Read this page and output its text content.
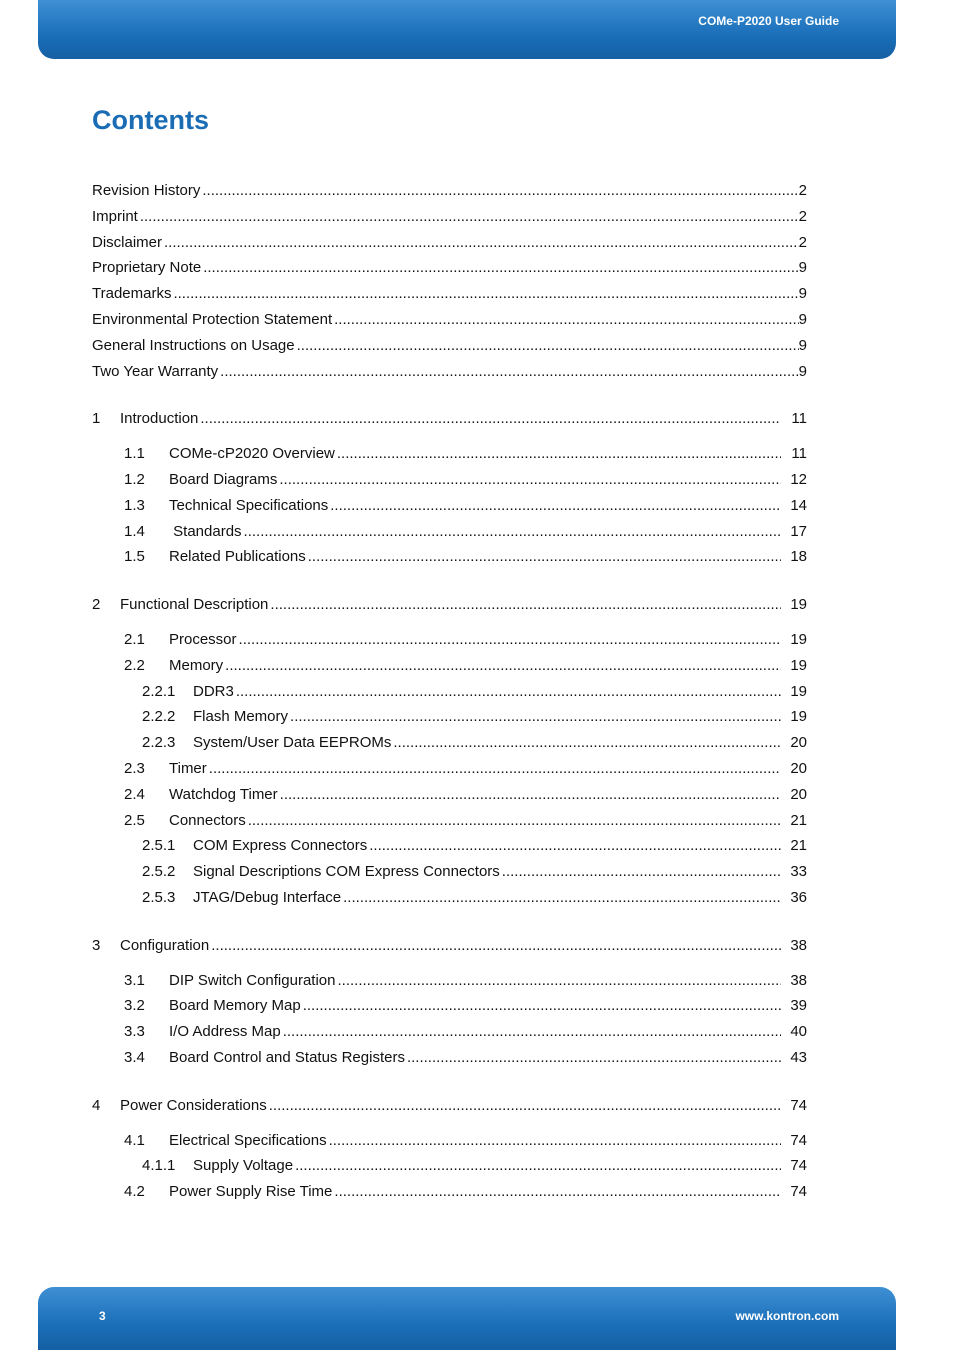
COMe-P2020 User Guide
Contents
Revision History .....	2
Imprint .....	2
Disclaimer .....	2
Proprietary Note .....	9
Trademarks .....	9
Environmental Protection Statement .....	9
General Instructions on Usage .....	9
Two Year Warranty .....	9
1	Introduction .....	11
1.1	COMe-cP2020 Overview .....	11
1.2	Board Diagrams .....	12
1.3	Technical Specifications .....	14
1.4	Standards .....	17
1.5	Related Publications .....	18
2	Functional Description .....	19
2.1	Processor .....	19
2.2	Memory .....	19
2.2.1	DDR3 .....	19
2.2.2	Flash Memory .....	19
2.2.3	System/User Data EEPROMs .....	20
2.3	Timer .....	20
2.4	Watchdog Timer .....	20
2.5	Connectors .....	21
2.5.1	COM Express Connectors .....	21
2.5.2	Signal Descriptions COM Express Connectors .....	33
2.5.3	JTAG/Debug Interface .....	36
3	Configuration .....	38
3.1	DIP Switch Configuration .....	38
3.2	Board Memory Map .....	39
3.3	I/O Address Map .....	40
3.4	Board Control and Status Registers .....	43
4	Power Considerations .....	74
4.1	Electrical Specifications .....	74
4.1.1	Supply Voltage .....	74
4.2	Power Supply Rise Time .....	74
3	www.kontron.com
